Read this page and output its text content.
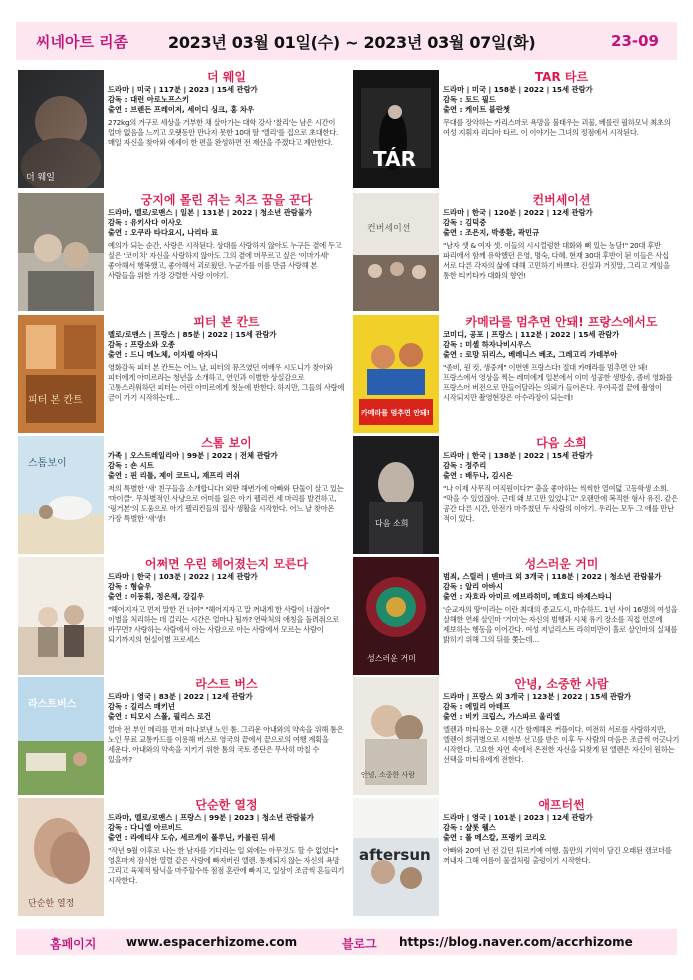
씨네아트 리좀 2023년 03월 01일(수) ~ 2023년 03월 07일(화)	23-09
더 웨일
더 웨일
드라마 | 미국 | 117분 | 2023 | 15세 관람가
감독 : 대런 아로노프스키
출연 : 브렌든 프레이저, 세이디 싱크, 홍 차우
272kg의 거구로 세상을 거부한 채 살아가는 대학 강사 '찰리'는 남은 시간이 얼마 없음을 느끼고 오랫동안 만나지 못한 10대 딸 '엘리'를 집으로 초대한다. 매일 자신을 찾아와 에세이 한 편을 완성하면 전 재산을 주겠다고 제안한다.
TÁR
TAR 타르
드라마 | 미국 | 158분 | 2022 | 15세 관람가
감독 : 토드 필드
출연 : 케이트 블란쳇
무대를 장악하는 카리스마로 욕망을 불태우는 괴물, 베를린 필하모닉 최초의 여성 지휘자 리디아 타르. 이 이야기는 그녀의 정점에서 시작된다.
궁지에 몰린 쥐는 치즈 꿈을 꾼다
드라마, 멜로/로맨스 | 일본 | 131분 | 2022 | 청소년 관람불가
감독 : 유키사다 이사오
출연 : 오쿠라 타다요시, 나리타 료
예의가 되는 순간, 사랑은 시작된다. 상대를 사랑하지 않아도 누구든 곁에 두고 싶은 '코이치' 자신을 사랑하지 않아도 그의 곁에 머무르고 싶은 '이마가세' 좋아해서 행복했고, 좋아해서 괴로웠던. 누군가를 이름 만큼 사랑해 본 사람들을 위한 가장 강렬한 사랑 이야기.
컨버세이션
컨버세이션
드라마 | 한국 | 120분 | 2022 | 12세 관람가
감독 : 김덕중
출연 : 조은지, 박종환, 곽민규
"남자 셋 & 여자 셋. 이들의 시시껄렁한 대화와 뼈 있는 농담!" 20대 후반 파리에서 함께 유학했던 은영, 명숙, 다혜. 현재 30대 후반이 된 이들은 사십 서로 다른 각자의 삶에 대해 고민하기 바쁘다. 진실과 거짓말, 그리고 게임을 통한 티키타카 대화의 향연!
피터 본 칸트
피터 본 칸트
멜로/로맨스 | 프랑스 | 85분 | 2022 | 15세 관람가
감독 : 프랑소와 오종
출연 : 드니 메노체, 이자벨 아자니
영화감독 피터 본 칸트는 어느 날, 피터의 뮤즈였던 여배우 시도니가 찾아와 피터에게 아미르라는 청년을 소개하고, 연인과 이별한 상실감으로 고통스러워하던 피터는 어린 아미르에게 첫눈에 반한다. 하지만, 그들의 사랑에 금이 가기 시작하는데…
카메라를 멈추면 안돼!
카메라를 멈추면 안돼! 프랑스에서도
코미디, 공포 | 프랑스 | 112분 | 2022 | 15세 관람가
감독 : 미셸 하자나비시우스
출연 : 로망 뒤리스, 베레니스 베조, 그레고리 가데부아
"좀비, 원 컷, 생중계" 이번엔 프랑스다! 절대 카메라를 멈추면 안 돼! 프랑스에서 영상을 찍는 레미에게 일본에서 이미 성공한 생방송, 좀비 영화를 프랑스어 버전으로 만들어달라는 의뢰가 들어온다. 우여곡절 끝에 촬영이 시작되지만 촬영현장은 아수라장이 되는데!
스톰보이
스톰 보이
가족 | 오스트레일리아 | 99분 | 2022 | 전체 관람가
감독 : 숀 시트
출연 : 핀 리틀, 제이 코트니, 재프리 러쉬
저의 특별한 '새' 친구들을 소개합니다! 외딴 해변가에 아빠와 단둘이 살고 있는 '마이클'. 무차별적인 사냥으로 어미를 잃은 아기 펠리컨 세 마리를 발견하고, '핑거본'의 도움으로 아기 펠리컨들의 집사 생활을 시작한다. 어느 날 찾아온 가장 특별한 '새'생!
다음 소희
다음 소희
드라마 | 한국 | 138분 | 2022 | 15세 관람가
감독 : 정주리
출연 : 배두나, 김시은
"나 이제 사무직 여직원이다?" 춤을 좋아하는 씩씩한 열여덟 고등학생 소희. "막을 수 있었잖아. 근데 왜 보고만 있었냐고" 오랜만에 복직한 형사 유진. 같은 공간 다른 시간, 안전가 마주쳤던 두 사람의 이야기. 우리는 모두 그 애를 만난 적이 있다.
어쩌면 우린 헤어졌는지 모른다
드라마 | 한국 | 103분 | 2022 | 12세 관람가
감독 : 형슬우
출연 : 이동휘, 정은채, 강길우
"헤어지자고 먼저 말한 건 너야" "헤어지자고 말 꺼내게 한 사람이 너잖아" 이별을 처리하는 데 걸리는 시간은 얼마나 될까? 연락처의 애칭을 돌려줘으로 바꾸면? 사랑하는 사람에서 아는 사람으로 아는 사람에서 모르는 사람이 되기까지의 현실이별 프로세스
성스러운 거미
성스러운 거미
범죄, 스릴러 | 덴마크 외 3개국 | 118분 | 2022 | 청소년 관람불가
감독 : 알리 아바시
출연 : 자흐라 아미르 에브라히미, 메흐디 바제스타니
'순교자의 땅'이라는 이란 최대의 종교도시, 마슈하드. 1년 사이 16명의 여성을 살해한 연쇄 살인마 '거미'는 자신의 범행과 시체 유기 장소를 직접 언론에 제보하는 행동을 이어간다. 여성 저널리스트 라히미만이 홀로 살인마의 실체를 밝히기 위해 그의 뒤를 쫓는데…
라스트버스
라스트 버스
드라마 | 영국 | 83분 | 2022 | 12세 관람가
감독 : 길리스 매키넌
출연 : 티모시 스폴, 필리스 로건
얼마 전 부인 메리를 먼저 떠나보낸 노인 톰. 그리운 아내와의 약속을 위해 톰은 노인 무료 교통카드를 이용해 버스로 영국의 끝에서 끝으로의 여행 계획을 세운다. 아내와의 약속을 지키기 위한 톰의 국토 종단은 무사히 마칠 수 있을까?
안녕, 소중한 사람
안녕, 소중한 사람
드라마 | 프랑스 외 3개국 | 123분 | 2022 | 15세 관람가
감독 : 에밀리 아테프
출연 : 비키 크립스, 가스파르 울리엘
엘렌과 마티유는 오랜 시간 함께해온 커플이다. 여전히 서로를 사랑하지만, 엘렌이 희귀병으로 시한부 선고를 받은 이후 두 사람의 마음은 조금씩 어긋나기 시작한다. 고요한 자연 속에서 온전한 자신을 되찾게 된 엘렌은 자신이 원하는 선택을 마티유에게 전한다.
단순한 열정
단순한 열정
드라마, 멜로/로맨스 | 프랑스 | 99분 | 2023 | 청소년 관람불가
감독 : 다니엘 아르비드
출연 : 라에티샤 도슈, 세르게이 폴루닌, 카롤린 뒤세
"작년 9월 이후로 나는 한 남자를 기다리는 일 외에는 아무것도 할 수 없었다" 영혼마저 잠식한 열렬 같은 사랑에 빠져버린 엘렌. 통제되지 않는 자신의 욕망 그리고 육체적 탐닉을 마주할수록 점점 혼란에 빠지고, 일상이 조금씩 흔들리기 시작한다.
aftersun
애프터썬
드라마 | 영국 | 101분 | 2023 | 12세 관람가
감독 : 샬롯 웰스
출연 : 폴 메스칼, 프랭키 코리오
아빠와 20여 년 전 갔던 튀르키예 여행. 둘만의 기억이 담긴 오래된 캠코더를 꺼내자 그해 여름이 물결처럼 출렁이기 시작한다.
홈페이지 www.espacerhizome.com	블로그 https://blog.naver.com/accrhizome
